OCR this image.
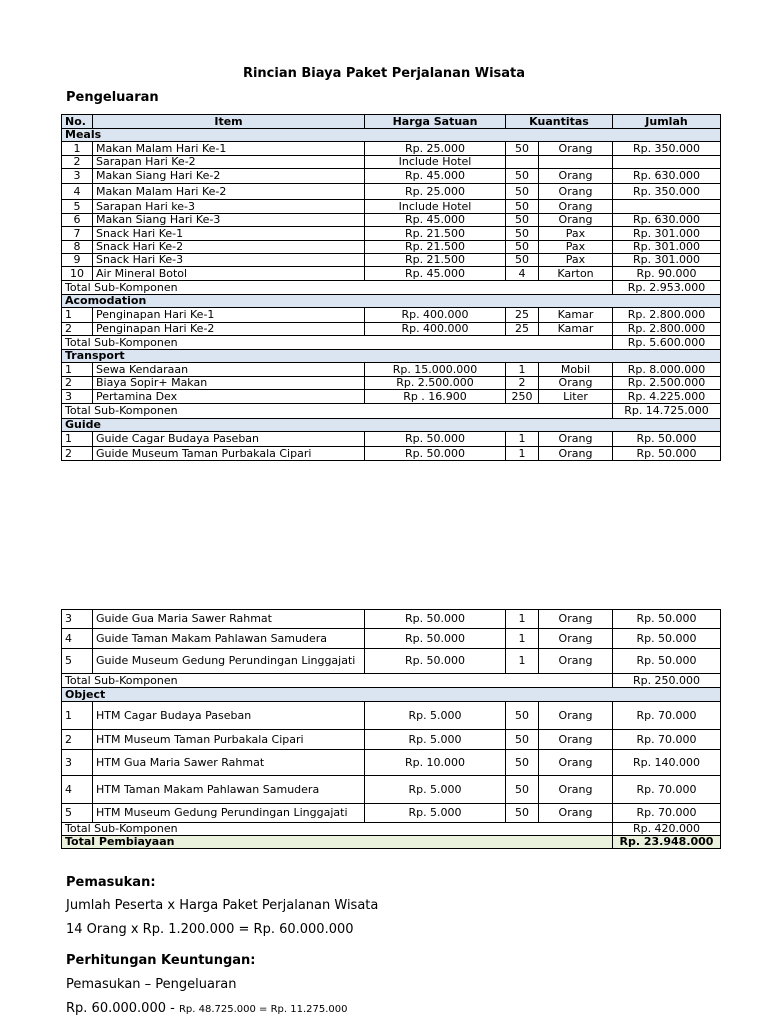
Rincian Biaya Paket Perjalanan Wisata
Pengeluaran
No.	Item	Harga Satuan	Kuantitas		Jumlah
Meals					
1	Makan Malam Hari Ke-1	Rp. 25.000	50	Orang	Rp. 350.000
2	Sarapan Hari Ke-2	Include Hotel			
3	Makan Siang Hari Ke-2	Rp. 45.000	50	Orang	Rp. 630.000
4	Makan Malam Hari Ke-2	Rp. 25.000	50	Orang	Rp. 350.000
5	Sarapan Hari ke-3	Include Hotel	50	Orang	
6	Makan Siang Hari Ke-3	Rp. 45.000	50	Orang	Rp. 630.000
7	Snack Hari Ke-1	Rp. 21.500	50	Pax	Rp. 301.000
8	Snack Hari Ke-2	Rp. 21.500	50	Pax	Rp. 301.000
9	Snack Hari Ke-3	Rp. 21.500	50	Pax	Rp. 301.000
10	Air Mineral Botol	Rp. 45.000	4	Karton	Rp. 90.000
Total Sub-Komponen					Rp. 2.953.000
Acomodation					
1	Penginapan Hari Ke-1	Rp. 400.000	25	Kamar	Rp. 2.800.000
2	Penginapan Hari Ke-2	Rp. 400.000	25	Kamar	Rp. 2.800.000
Total Sub-Komponen					Rp. 5.600.000
Transport					
1	Sewa Kendaraan	Rp. 15.000.000	1	Mobil	Rp. 8.000.000
2	Biaya Sopir+ Makan	Rp. 2.500.000	2	Orang	Rp. 2.500.000
3	Pertamina Dex	Rp . 16.900	250	Liter	Rp. 4.225.000
Total Sub-Komponen					Rp. 14.725.000
Guide					
1	Guide Cagar Budaya Paseban	Rp. 50.000	1	Orang	Rp. 50.000
2	Guide Museum Taman Purbakala Cipari	Rp. 50.000	1	Orang	Rp. 50.000
3	Guide Gua Maria Sawer Rahmat	Rp. 50.000	1	Orang	Rp. 50.000
4	Guide Taman Makam Pahlawan Samudera	Rp. 50.000	1	Orang	Rp. 50.000
5	Guide Museum Gedung Perundingan Linggajati	Rp. 50.000	1	Orang	Rp. 50.000
Total Sub-Komponen					Rp. 250.000
Object					
1	HTM Cagar Budaya Paseban	Rp. 5.000	50	Orang	Rp. 70.000
2	HTM Museum Taman Purbakala Cipari	Rp. 5.000	50	Orang	Rp. 70.000
3	HTM Gua Maria Sawer Rahmat	Rp. 10.000	50	Orang	Rp. 140.000
4	HTM Taman Makam Pahlawan Samudera	Rp. 5.000	50	Orang	Rp. 70.000
5	HTM Museum Gedung Perundingan Linggajati	Rp. 5.000	50	Orang	Rp. 70.000
Total Sub-Komponen					Rp. 420.000
Total Pembiayaan					Rp. 23.948.000
Pemasukan:
Jumlah Peserta x Harga Paket Perjalanan Wisata
14 Orang x Rp. 1.200.000 = Rp. 60.000.000
Perhitungan Keuntungan:
Pemasukan – Pengeluaran
Rp. 60.000.000 - Rp. 48.725.000 = Rp. 11.275.000
